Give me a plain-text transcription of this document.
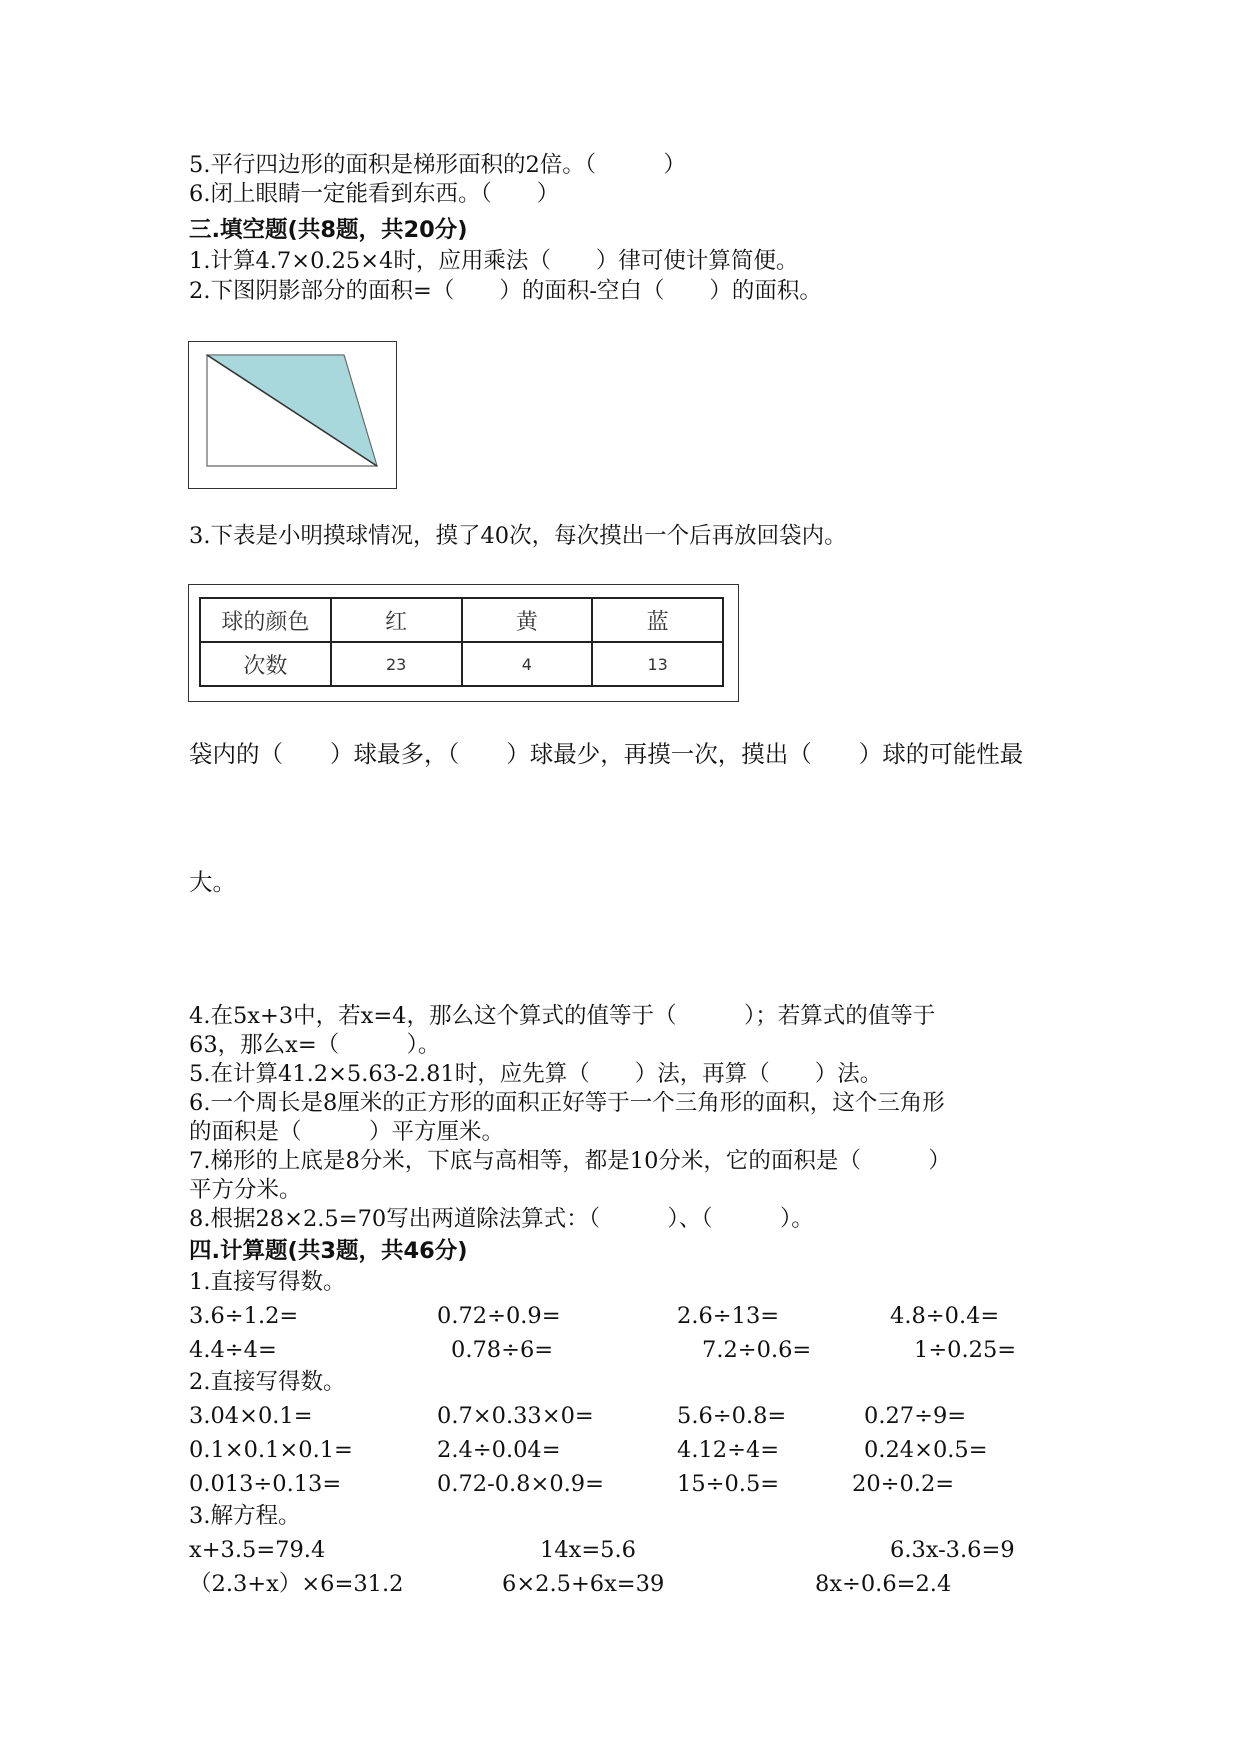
5.平行四边形的面积是梯形面积的2倍。（　　　）
6.闭上眼睛一定能看到东西。（　　）
三.填空题(共8题，共20分)
1.计算4.7×0.25×4时，应用乘法（　　）律可使计算简便。
2.下图阴影部分的面积=（　　）的面积-空白（　　）的面积。
3.下表是小明摸球情况，摸了40次，每次摸出一个后再放回袋内。
球的颜色	红	黄	蓝
次数	23	4	13
袋内的（　　）球最多，（　　）球最少，再摸一次，摸出（　　）球的可能性最
大。
4.在5x+3中，若x=4，那么这个算式的值等于（　　　）；若算式的值等于
63，那么x=（　　　）。
5.在计算41.2×5.63-2.81时，应先算（　　）法，再算（　　）法。
6.一个周长是8厘米的正方形的面积正好等于一个三角形的面积，这个三角形
的面积是（　　　）平方厘米。
7.梯形的上底是8分米，下底与高相等，都是10分米，它的面积是（　　　）
平方分米。
8.根据28×2.5=70写出两道除法算式：（　　　）、（　　　）。
四.计算题(共3题，共46分)
1.直接写得数。
3.6÷1.2=	0.72÷0.9=	2.6÷13=	4.8÷0.4=
4.4÷4=	0.78÷6=	7.2÷0.6=	1÷0.25=
2.直接写得数。
3.04×0.1=	0.7×0.33×0=	5.6÷0.8=	0.27÷9=
0.1×0.1×0.1=	2.4÷0.04=	4.12÷4=	0.24×0.5=
0.013÷0.13=	0.72-0.8×0.9=	15÷0.5=	20÷0.2=
3.解方程。
x+3.5=79.4	14x=5.6	6.3x-3.6=9
（2.3+x）×6=31.2	6×2.5+6x=39	8x÷0.6=2.4
